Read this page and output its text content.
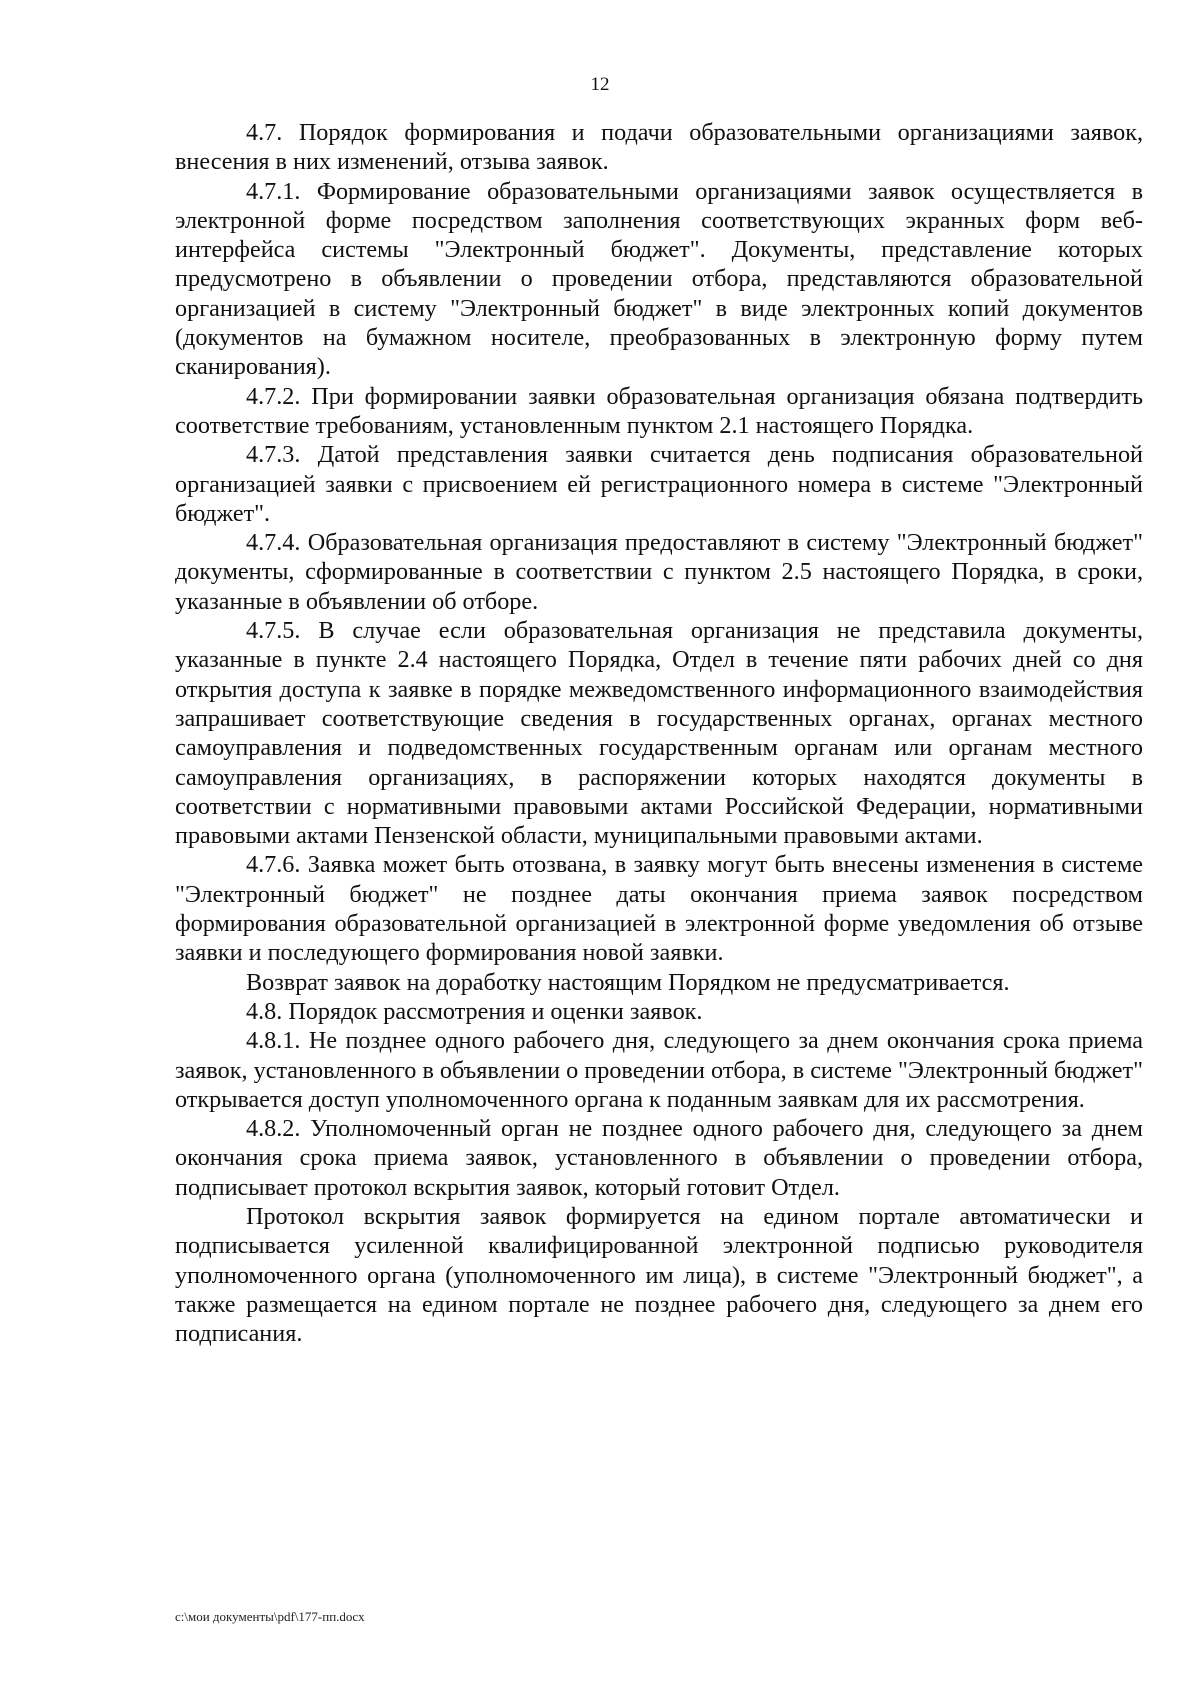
12

4.7. Порядок формирования и подачи образовательными организациями заявок, внесения в них изменений, отзыва заявок.

4.7.1. Формирование образовательными организациями заявок осуществляется в электронной форме посредством заполнения соответствующих экранных форм веб-интерфейса системы "Электронный бюджет". Документы, представление которых предусмотрено в объявлении о проведении отбора, представляются образовательной организацией в систему "Электронный бюджет" в виде электронных копий документов (документов на бумажном носителе, преобразованных в электронную форму путем сканирования).

4.7.2. При формировании заявки образовательная организация обязана подтвердить соответствие требованиям, установленным пунктом 2.1 настоящего Порядка.

4.7.3. Датой представления заявки считается день подписания образовательной организацией заявки с присвоением ей регистрационного номера в системе "Электронный бюджет".

4.7.4. Образовательная организация предоставляют в систему "Электронный бюджет" документы, сформированные в соответствии с пунктом 2.5 настоящего Порядка, в сроки, указанные в объявлении об отборе.

4.7.5. В случае если образовательная организация не представила документы, указанные в пункте 2.4 настоящего Порядка, Отдел в течение пяти рабочих дней со дня открытия доступа к заявке в порядке межведомственного информационного взаимодействия запрашивает соответствующие сведения в государственных органах, органах местного самоуправления и подведомственных государственным органам или органам местного самоуправления организациях, в распоряжении которых находятся документы в соответствии с нормативными правовыми актами Российской Федерации, нормативными правовыми актами Пензенской области, муниципальными правовыми актами.

4.7.6. Заявка может быть отозвана, в заявку могут быть внесены изменения в системе "Электронный бюджет" не позднее даты окончания приема заявок посредством формирования образовательной организацией в электронной форме уведомления об отзыве заявки и последующего формирования новой заявки.

Возврат заявок на доработку настоящим Порядком не предусматривается.

4.8. Порядок рассмотрения и оценки заявок.

4.8.1. Не позднее одного рабочего дня, следующего за днем окончания срока приема заявок, установленного в объявлении о проведении отбора, в системе "Электронный бюджет" открывается доступ уполномоченного органа к поданным заявкам для их рассмотрения.

4.8.2. Уполномоченный орган не позднее одного рабочего дня, следующего за днем окончания срока приема заявок, установленного в объявлении о проведении отбора, подписывает протокол вскрытия заявок, который готовит Отдел.

Протокол вскрытия заявок формируется на едином портале автоматически и подписывается усиленной квалифицированной электронной подписью руководителя уполномоченного органа (уполномоченного им лица), в системе "Электронный бюджет", а также размещается на едином портале не позднее рабочего дня, следующего за днем его подписания.

c:\мои документы\pdf\177-пп.docx
